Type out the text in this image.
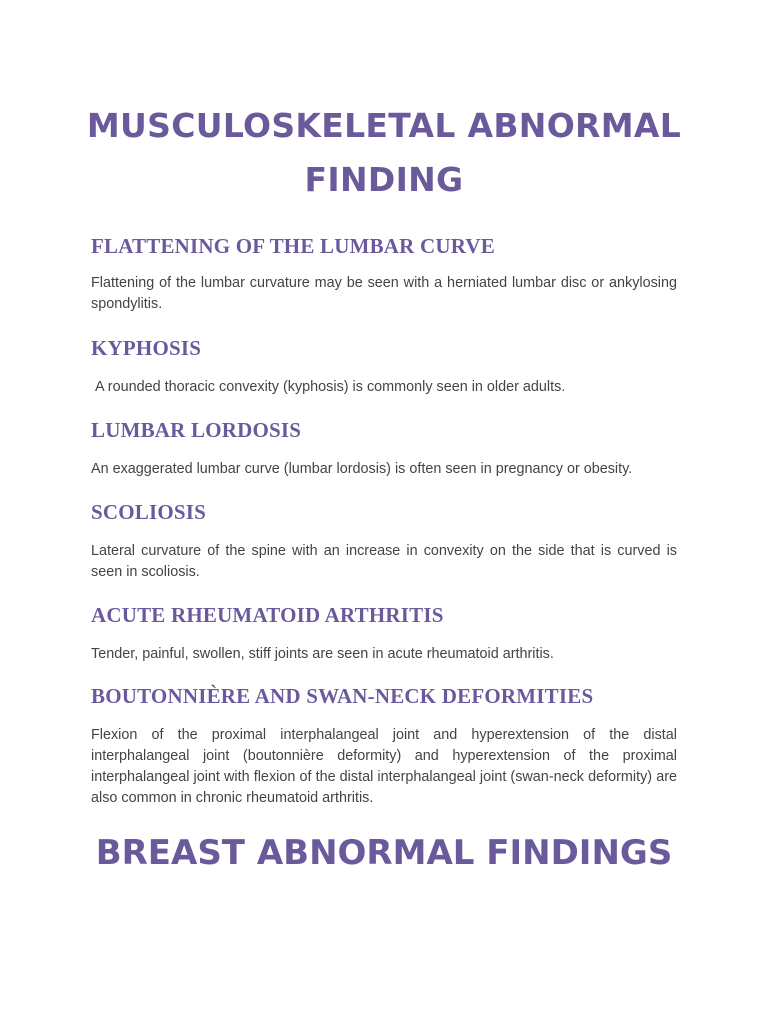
MUSCULOSKELETAL ABNORMAL FINDING
FLATTENING OF THE LUMBAR CURVE

Flattening of the lumbar curvature may be seen with a herniated lumbar disc or ankylosing spondylitis.

KYPHOSIS

A rounded thoracic convexity (kyphosis) is commonly seen in older adults.

LUMBAR LORDOSIS

An exaggerated lumbar curve (lumbar lordosis) is often seen in pregnancy or obesity.

SCOLIOSIS

Lateral curvature of the spine with an increase in convexity on the side that is curved is seen in scoliosis.

ACUTE RHEUMATOID ARTHRITIS

Tender, painful, swollen, stiff joints are seen in acute rheumatoid arthritis.

BOUTONNIÈRE AND SWAN-NECK DEFORMITIES

Flexion of the proximal interphalangeal joint and hyperextension of the distal interphalangeal joint (boutonnière deformity) and hyperextension of the proximal interphalangeal joint with flexion of the distal interphalangeal joint (swan-neck deformity) are also common in chronic rheumatoid arthritis.

BREAST ABNORMAL FINDINGS
